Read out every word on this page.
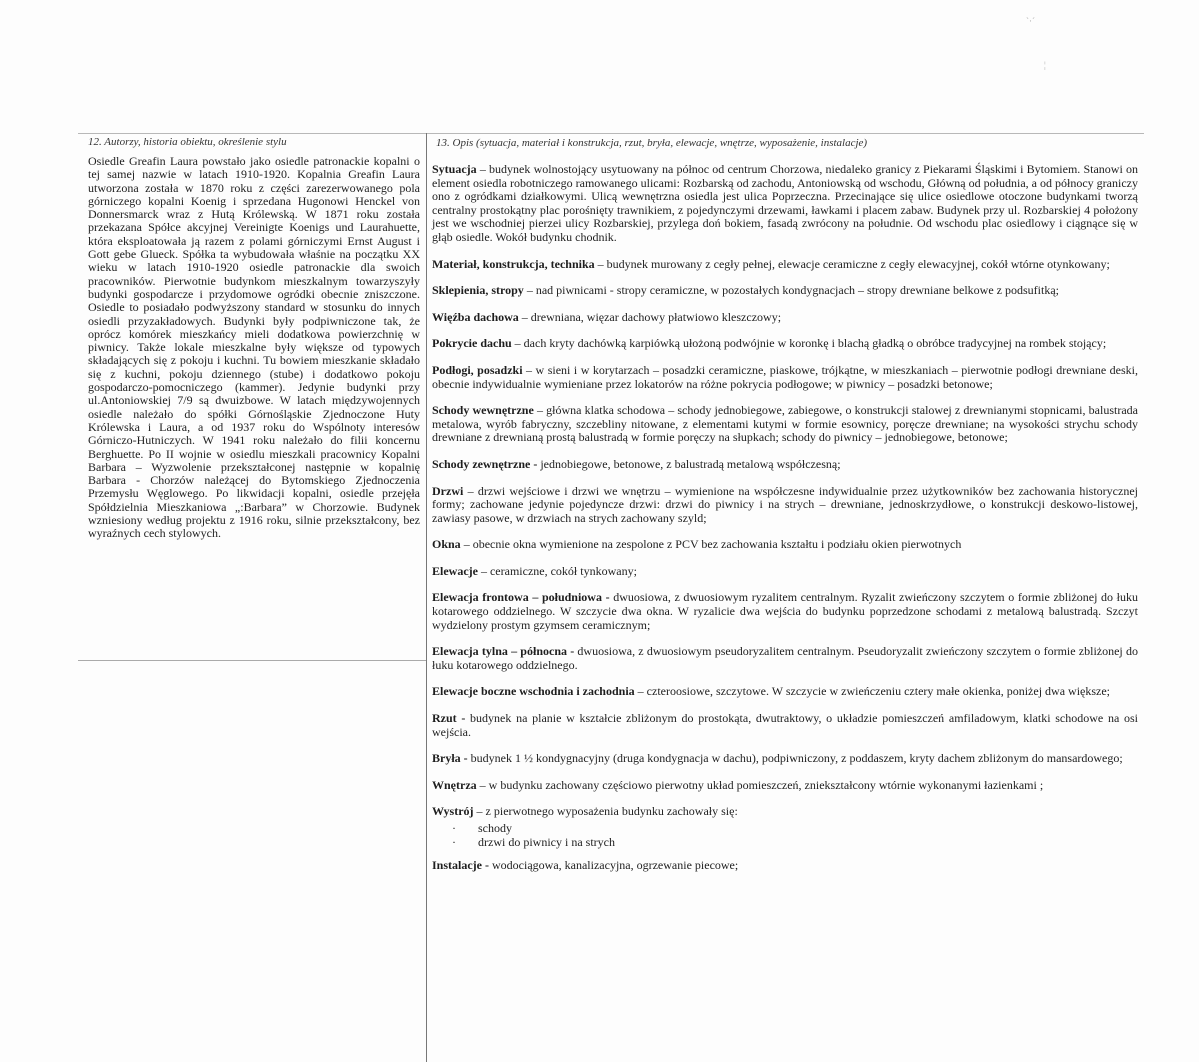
ˋ·ˊ
¦
12. Autorzy, historia obiektu, określenie stylu
Osiedle Greafin Laura powstało jako osiedle patronackie kopalni o tej samej nazwie w latach 1910-1920. Kopalnia Greafin Laura utworzona została w 1870 roku z części zarezerwowanego pola górniczego kopalni Koenig i sprzedana Hugonowi Henckel von Donnersmarck wraz z Hutą Królewską. W 1871 roku została przekazana Spółce akcyjnej Vereinigte Koenigs und Laurahuette, która eksploatowała ją razem z polami górniczymi Ernst August i Gott gebe Glueck. Spółka ta wybudowała właśnie na początku XX wieku w latach 1910-1920 osiedle patronackie dla swoich pracowników. Pierwotnie budynkom mieszkalnym towarzyszyły budynki gospodarcze i przydomowe ogródki obecnie zniszczone. Osiedle to posiadało podwyższony standard w stosunku do innych osiedli przyzakładowych. Budynki były podpiwniczone tak, że oprócz komórek mieszkańcy mieli dodatkowa powierzchnię w piwnicy. Także lokale mieszkalne były większe od typowych składających się z pokoju i kuchni. Tu bowiem mieszkanie składało się z kuchni, pokoju dziennego (stube) i dodatkowo pokoju gospodarczo-pomocniczego (kammer). Jedynie budynki przy ul.Antoniowskiej 7/9 są dwuizbowe. W latach międzywojennych osiedle należało do spółki Górnośląskie Zjednoczone Huty Królewska i Laura, a od 1937 roku do Wspólnoty interesów Górniczo-Hutniczych. W 1941 roku należało do filii koncernu Berghuette. Po II wojnie w osiedlu mieszkali pracownicy Kopalni Barbara – Wyzwolenie przekształconej następnie w kopalnię Barbara - Chorzów należącej do Bytomskiego Zjednoczenia Przemysłu Węglowego. Po likwidacji kopalni, osiedle przejęła Spółdzielnia Mieszkaniowa „:Barbara” w Chorzowie. Budynek wzniesiony według projektu z 1916 roku, silnie przekształcony, bez wyraźnych cech stylowych.
13. Opis (sytuacja, materiał i konstrukcja, rzut, bryła, elewacje, wnętrze, wyposażenie, instalacje)
Sytuacja – budynek wolnostojący usytuowany na północ od centrum Chorzowa, niedaleko granicy z Piekarami Śląskimi i Bytomiem. Stanowi on element osiedla robotniczego ramowanego ulicami: Rozbarską od zachodu, Antoniowską od wschodu, Główną od południa, a od północy graniczy ono z ogródkami działkowymi. Ulicą wewnętrzna osiedla jest ulica Poprzeczna. Przecinające się ulice osiedlowe otoczone budynkami tworzą centralny prostokątny plac porośnięty trawnikiem, z pojedynczymi drzewami, ławkami i placem zabaw. Budynek przy ul. Rozbarskiej 4 położony jest we wschodniej pierzei ulicy Rozbarskiej, przylega doń bokiem, fasadą zwrócony na południe. Od wschodu plac osiedlowy i ciągnące się w głąb osiedle. Wokół budynku chodnik.
Materiał, konstrukcja, technika – budynek murowany z cegły pełnej, elewacje ceramiczne z cegły elewacyjnej, cokół wtórne otynkowany;
Sklepienia, stropy – nad piwnicami - stropy ceramiczne, w pozostałych kondygnacjach – stropy drewniane belkowe z podsufitką;
Więźba dachowa – drewniana, więzar dachowy płatwiowo kleszczowy;
Pokrycie dachu – dach kryty dachówką karpiówką ułożoną podwójnie w koronkę i blachą gładką o obróbce tradycyjnej na rombek stojący;
Podłogi, posadzki – w sieni i w korytarzach – posadzki ceramiczne, piaskowe, trójkątne, w mieszkaniach – pierwotnie podłogi drewniane deski, obecnie indywidualnie wymieniane przez lokatorów na różne pokrycia podłogowe; w piwnicy – posadzki betonowe;
Schody wewnętrzne – główna klatka schodowa – schody jednobiegowe, zabiegowe, o konstrukcji stalowej z drewnianymi stopnicami, balustrada metalowa, wyrób fabryczny, szczebliny nitowane, z elementami kutymi w formie esownicy, poręcze drewniane; na wysokości strychu schody drewniane z drewnianą prostą balustradą w formie poręczy na słupkach; schody do piwnicy – jednobiegowe, betonowe;
Schody zewnętrzne - jednobiegowe, betonowe, z balustradą metalową współczesną;
Drzwi – drzwi wejściowe i drzwi we wnętrzu – wymienione na współczesne indywidualnie przez użytkowników bez zachowania historycznej formy; zachowane jedynie pojedyncze drzwi: drzwi do piwnicy i na strych – drewniane, jednoskrzydłowe, o konstrukcji deskowo-listowej, zawiasy pasowe, w drzwiach na strych zachowany szyld;
Okna – obecnie okna wymienione na zespolone z PCV bez zachowania kształtu i podziału okien pierwotnych
Elewacje – ceramiczne, cokół tynkowany;
Elewacja frontowa – południowa - dwuosiowa, z dwuosiowym ryzalitem centralnym. Ryzalit zwieńczony szczytem o formie zbliżonej do łuku kotarowego oddzielnego. W szczycie dwa okna. W ryzalicie dwa wejścia do budynku poprzedzone schodami z metalową balustradą. Szczyt wydzielony prostym gzymsem ceramicznym;
Elewacja tylna – północna - dwuosiowa, z dwuosiowym pseudoryzalitem centralnym. Pseudoryzalit zwieńczony szczytem o formie zbliżonej do łuku kotarowego oddzielnego.
Elewacje boczne wschodnia i zachodnia – czteroosiowe, szczytowe. W szczycie w zwieńczeniu cztery małe okienka, poniżej dwa większe;
Rzut - budynek na planie w kształcie zbliżonym do prostokąta, dwutraktowy, o układzie pomieszczeń amfiladowym, klatki schodowe na osi wejścia.
Bryła - budynek 1 ½ kondygnacyjny (druga kondygnacja w dachu), podpiwniczony, z poddaszem, kryty dachem zbliżonym do mansardowego;
Wnętrza – w budynku zachowany częściowo pierwotny układ pomieszczeń, zniekształcony wtórnie wykonanymi łazienkami ;
Wystrój – z pierwotnego wyposażenia budynku zachowały się:
· schody
· drzwi do piwnicy i na strych
Instalacje - wodociągowa, kanalizacyjna, ogrzewanie piecowe;
